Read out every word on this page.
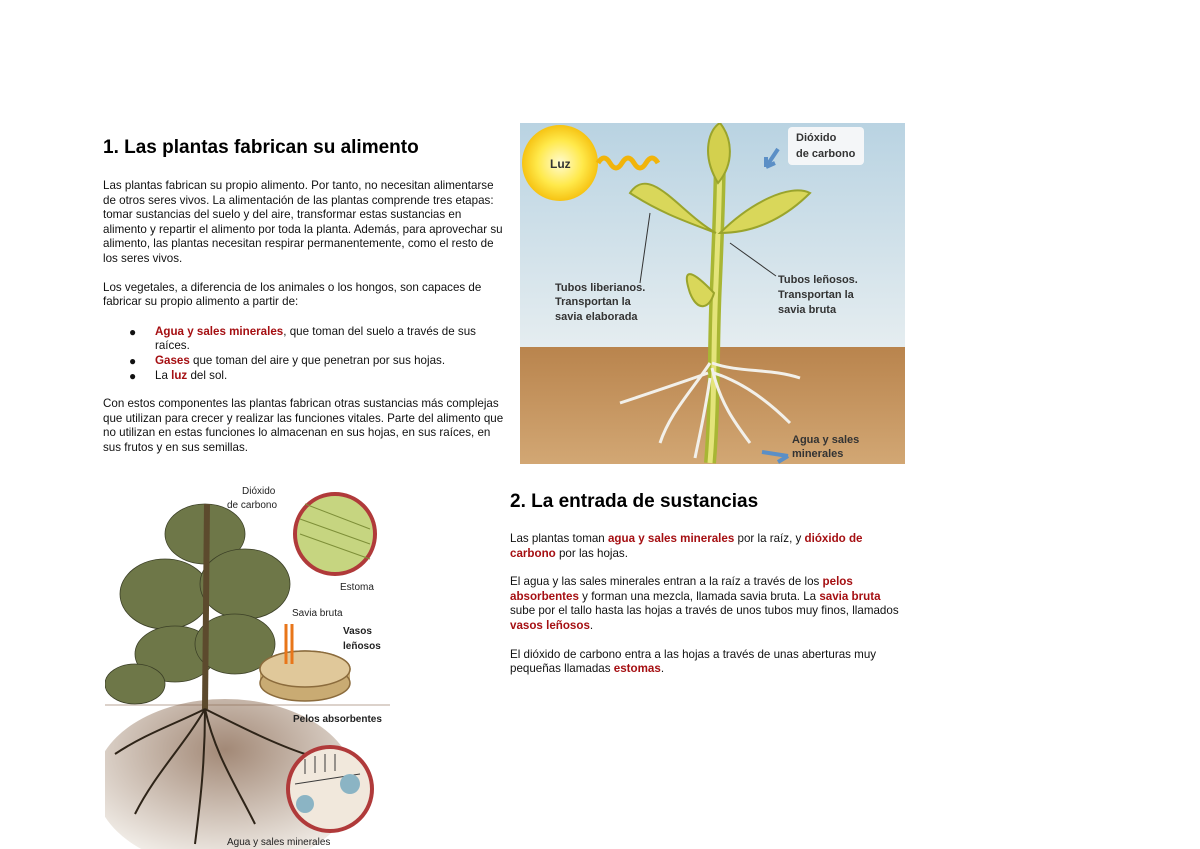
1. Las plantas fabrican su alimento

Las plantas fabrican su propio alimento. Por tanto, no necesitan alimentarse de otros seres vivos. La alimentación de las plantas comprende tres etapas: tomar sustancias del suelo y del aire, transformar estas sustancias en alimento y repartir el alimento por toda la planta. Además, para aprovechar su alimento, las plantas necesitan respirar permanentemente, como el resto de los seres vivos.

Los vegetales, a diferencia de los animales o los hongos, son capaces de fabricar su propio alimento a partir de:

● Agua y sales minerales, que toman del suelo a través de sus raíces.
● Gases que toman del aire y que penetran por sus hojas.
● La luz del sol.

Con estos componentes las plantas fabrican otras sustancias más complejas que utilizan para crecer y realizar las funciones vitales. Parte del alimento que no utilizan en estas funciones lo almacenan en sus hojas, en sus raíces, en sus frutos y en sus semillas.

Luz
Dióxido
de carbono
Tubos liberianos. Transportan la savia elaborada
Tubos leñosos. Transportan la savia bruta
Agua y sales minerales
Dióxido de carbono
Estoma
Savia bruta
Vasos leñosos
Pelos absorbentes
Agua y sales minerales
2. La entrada de sustancias

Las plantas toman agua y sales minerales por la raíz, y dióxido de carbono por las hojas.

El agua y las sales minerales entran a la raíz a través de los pelos absorbentes y forman una mezcla, llamada savia bruta. La savia bruta sube por el tallo hasta las hojas a través de unos tubos muy finos, llamados vasos leñosos.

El dióxido de carbono entra a las hojas a través de unas aberturas muy pequeñas llamadas estomas.
